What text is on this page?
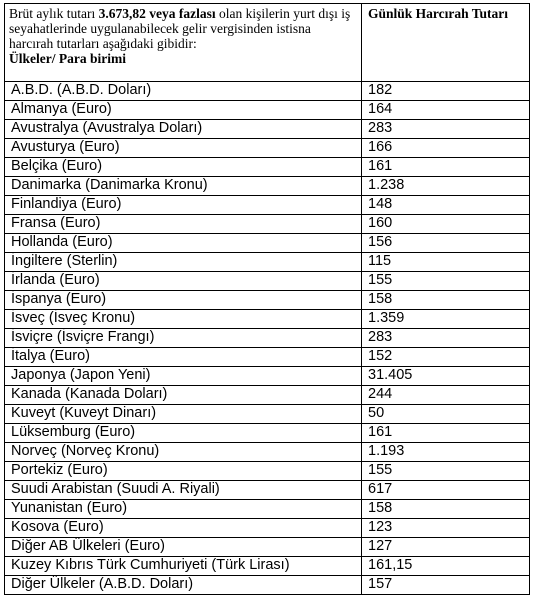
Brüt aylık tutarı 3.673,82 veya fazlası olan kişilerin yurt dışı iş seyahatlerinde uygulanabilecek gelir vergisinden istisna harcırah tutarları aşağıdaki gibidir:
Ülkeler/ Para birimi	Günlük Harcırah Tutarı
A.B.D. (A.B.D. Doları)	182
Almanya (Euro)	164
Avustralya (Avustralya Doları)	283
Avusturya (Euro)	166
Belçika (Euro)	161
Danimarka (Danimarka Kronu)	1.238
Finlandiya (Euro)	148
Fransa (Euro)	160
Hollanda (Euro)	156
İngiltere (Sterlin)	115
İrlanda (Euro)	155
İspanya (Euro)	158
İsveç (İsveç Kronu)	1.359
İsviçre (İsviçre Frangı)	283
İtalya (Euro)	152
Japonya (Japon Yeni)	31.405
Kanada (Kanada Doları)	244
Kuveyt (Kuveyt Dinarı)	50
Lüksemburg (Euro)	161
Norveç (Norveç Kronu)	1.193
Portekiz (Euro)	155
Suudi Arabistan (Suudi A. Riyali)	617
Yunanistan (Euro)	158
Kosova (Euro)	123
Diğer AB Ülkeleri (Euro)	127
Kuzey Kıbrıs Türk Cumhuriyeti (Türk Lirası)	161,15
Diğer Ülkeler (A.B.D. Doları)	157
